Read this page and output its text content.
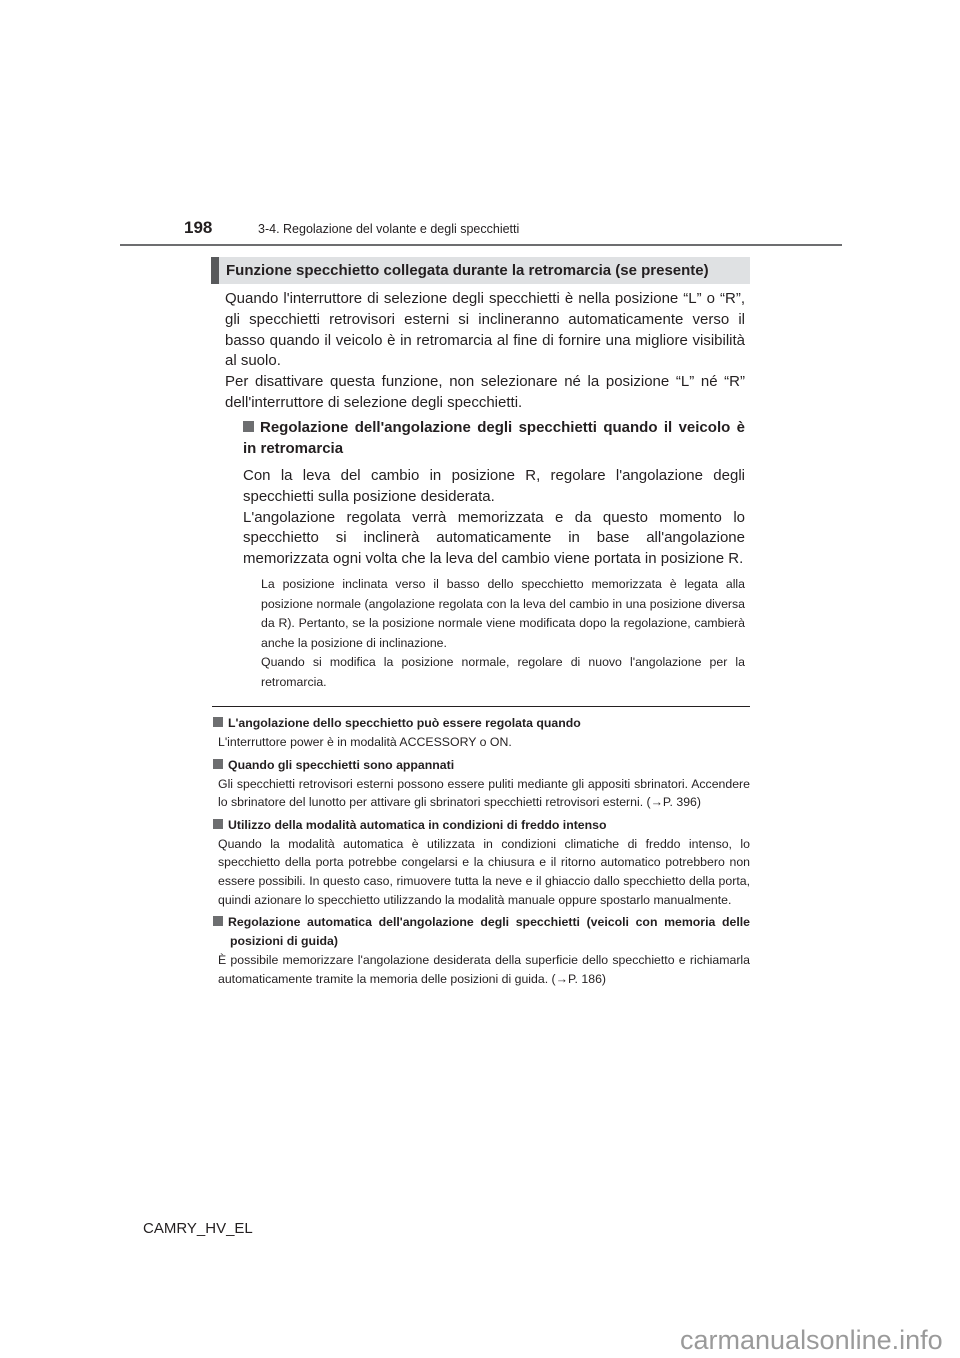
198	3-4. Regolazione del volante e degli specchietti
Funzione specchietto collegata durante la retromarcia (se presente)
Quando l'interruttore di selezione degli specchietti è nella posizione “L” o “R”, gli specchietti retrovisori esterni si inclineranno automaticamente verso il basso quando il veicolo è in retromarcia al fine di fornire una migliore visibilità al suolo.
Per disattivare questa funzione, non selezionare né la posizione “L” né “R” dell'interruttore di selezione degli specchietti.
Regolazione dell'angolazione degli specchietti quando il veicolo è in retromarcia
Con la leva del cambio in posizione R, regolare l'angolazione degli specchietti sulla posizione desiderata.
L'angolazione regolata verrà memorizzata e da questo momento lo specchietto si inclinerà automaticamente in base all'angolazione memorizzata ogni volta che la leva del cambio viene portata in posizione R.
La posizione inclinata verso il basso dello specchietto memorizzata è legata alla posizione normale (angolazione regolata con la leva del cambio in una posizione diversa da R). Pertanto, se la posizione normale viene modificata dopo la regolazione, cambierà anche la posizione di inclinazione.
Quando si modifica la posizione normale, regolare di nuovo l'angolazione per la retromarcia.
L'angolazione dello specchietto può essere regolata quando
L'interruttore power è in modalità ACCESSORY o ON.
Quando gli specchietti sono appannati
Gli specchietti retrovisori esterni possono essere puliti mediante gli appositi sbrinatori. Accendere lo sbrinatore del lunotto per attivare gli sbrinatori specchietti retrovisori esterni. (→P. 396)
Utilizzo della modalità automatica in condizioni di freddo intenso
Quando la modalità automatica è utilizzata in condizioni climatiche di freddo intenso, lo specchietto della porta potrebbe congelarsi e la chiusura e il ritorno automatico potrebbero non essere possibili. In questo caso, rimuovere tutta la neve e il ghiaccio dallo specchietto della porta, quindi azionare lo specchietto utilizzando la modalità manuale oppure spostarlo manualmente.
Regolazione automatica dell'angolazione degli specchietti (veicoli con memoria delle posizioni di guida)
È possibile memorizzare l'angolazione desiderata della superficie dello specchietto e richiamarla automaticamente tramite la memoria delle posizioni di guida. (→P. 186)
CAMRY_HV_EL
carmanualsonline.info
